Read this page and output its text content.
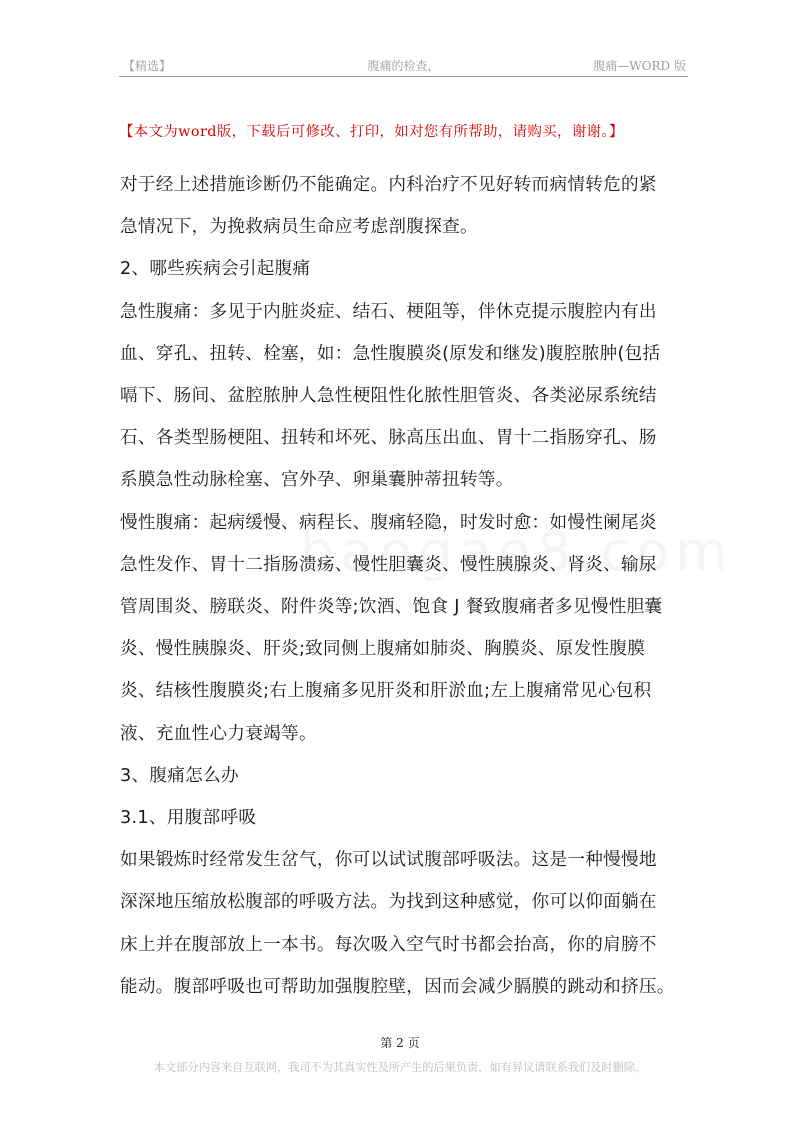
【精选】	腹痛的检查，	腹痛—WORD 版
【本文为word版，下载后可修改、打印，如对您有所帮助，请购买，谢谢。】

对于经上述措施诊断仍不能确定。内科治疗不见好转而病情转危的紧

急情况下，为挽救病员生命应考虑剖腹探查。

2、哪些疾病会引起腹痛

急性腹痛：多见于内脏炎症、结石、梗阻等，伴休克提示腹腔内有出

血、穿孔、扭转、栓塞，如：急性腹膜炎(原发和继发)腹腔脓肿(包括

嗝下、肠间、盆腔脓肿人急性梗阻性化脓性胆管炎、各类泌尿系统结

石、各类型肠梗阻、扭转和坏死、脉高压出血、胃十二指肠穿孔、肠

系膜急性动脉栓塞、宫外孕、卵巢囊肿蒂扭转等。

慢性腹痛：起病缓慢、病程长、腹痛轻隐，时发时愈：如慢性阑尾炎

急性发作、胃十二指肠溃疡、慢性胆囊炎、慢性胰腺炎、肾炎、输尿

管周围炎、膀联炎、附件炎等;饮酒、饱食 J 餐致腹痛者多见慢性胆囊

炎、慢性胰腺炎、肝炎;致同侧上腹痛如肺炎、胸膜炎、原发性腹膜

炎、结核性腹膜炎;右上腹痛多见肝炎和肝淤血;左上腹痛常见心包积

液、充血性心力衰竭等。

3、腹痛怎么办

3.1、用腹部呼吸

如果锻炼时经常发生岔气，你可以试试腹部呼吸法。这是一种慢慢地

深深地压缩放松腹部的呼吸方法。为找到这种感觉，你可以仰面躺在

床上并在腹部放上一本书。每次吸入空气时书都会抬高，你的肩膀不

能动。腹部呼吸也可帮助加强腹腔壁，因而会减少膈膜的跳动和挤压。

第 2 页
本文部分内容来自互联网，我司不为其真实性及所产生的后果负责，如有异议请联系我们及时删除。
